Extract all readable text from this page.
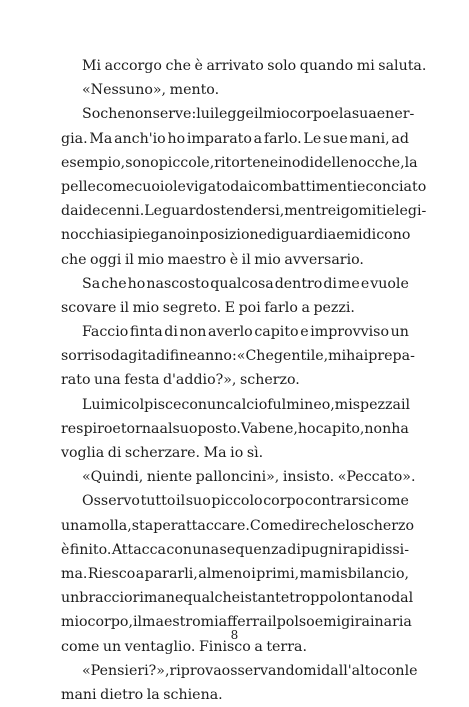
Mi accorgo che è arrivato solo quando mi saluta.
«Nessuno», mento.
So che non serve: lui legge il mio corpo e la sua ener-
gia. Ma anch'io ho imparato a farlo. Le sue mani, ad
esempio, sono piccole, ritorte nei nodi delle nocche, la
pelle come cuoio levigato dai combattimenti e conciato
dai decenni. Le guardo stendersi, mentre i gomiti e le gi-
nocchia si piegano in posizione di guardia e mi dicono
che oggi il mio maestro è il mio avversario.
Sa che ho nascosto qualcosa dentro di me e vuole
scovare il mio segreto. E poi farlo a pezzi.
Faccio finta di non averlo capito e improvviso un
sorriso da gita di fine anno: «Che gentile, mi hai prepa-
rato una festa d'addio?», scherzo.
Lui mi colpisce con un calcio fulmineo, mi spezza il
respiro e torna al suo posto. Va bene, ho capito, non ha
voglia di scherzare. Ma io sì.
«Quindi, niente palloncini», insisto. «Peccato».
Osservo tutto il suo piccolo corpo contrarsi come
una molla, sta per attaccare. Come dire che lo scherzo
è finito. Attacca con una sequenza di pugni rapidissi-
ma. Riesco a pararli, almeno i primi, ma mi sbilancio,
un braccio rimane qualche istante troppo lontano dal
mio corpo, il maestro mi afferra il polso e mi gira in aria
come un ventaglio. Finisco a terra.
«Pensieri?», riprova osservandomi dall'alto con le
mani dietro la schiena.
8
